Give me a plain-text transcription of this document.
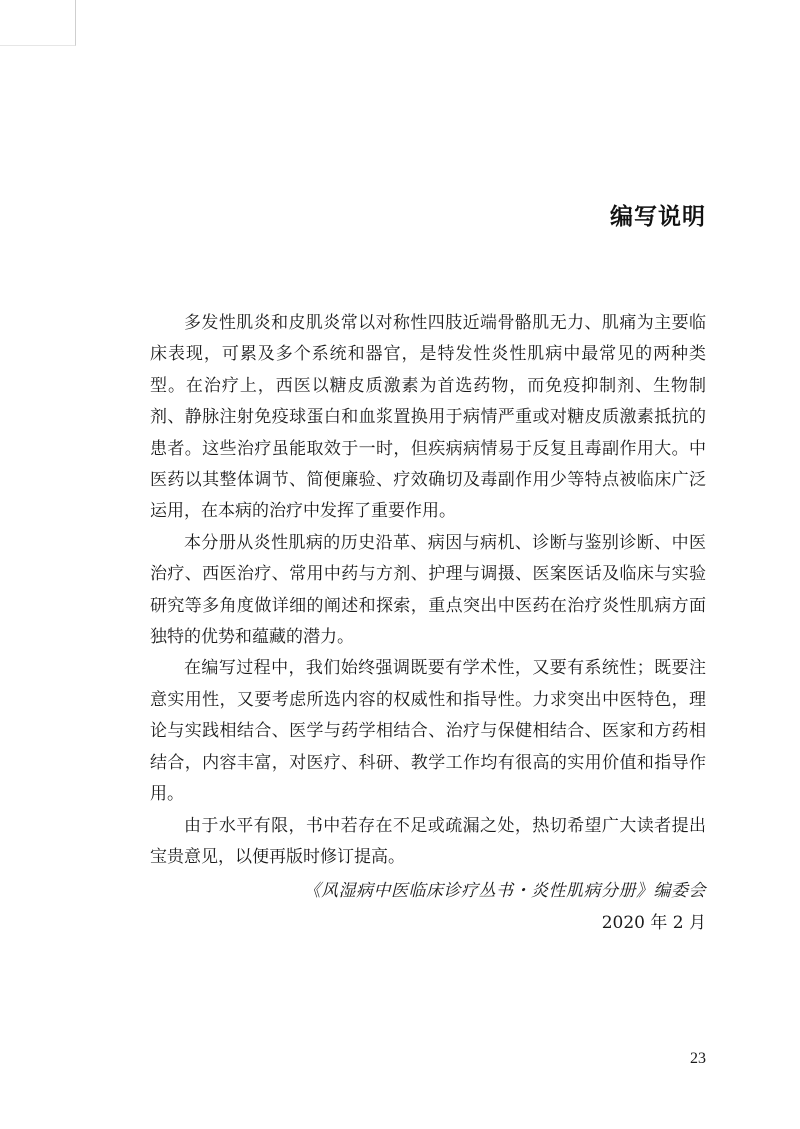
编写说明

多发性肌炎和皮肌炎常以对称性四肢近端骨骼肌无力、肌痛为主要临床表现，可累及多个系统和器官，是特发性炎性肌病中最常见的两种类型。在治疗上，西医以糖皮质激素为首选药物，而免疫抑制剂、生物制剂、静脉注射免疫球蛋白和血浆置换用于病情严重或对糖皮质激素抵抗的患者。这些治疗虽能取效于一时，但疾病病情易于反复且毒副作用大。中医药以其整体调节、简便廉验、疗效确切及毒副作用少等特点被临床广泛运用，在本病的治疗中发挥了重要作用。

本分册从炎性肌病的历史沿革、病因与病机、诊断与鉴别诊断、中医治疗、西医治疗、常用中药与方剂、护理与调摄、医案医话及临床与实验研究等多角度做详细的阐述和探索，重点突出中医药在治疗炎性肌病方面独特的优势和蕴藏的潜力。

在编写过程中，我们始终强调既要有学术性，又要有系统性；既要注意实用性，又要考虑所选内容的权威性和指导性。力求突出中医特色，理论与实践相结合、医学与药学相结合、治疗与保健相结合、医家和方药相结合，内容丰富，对医疗、科研、教学工作均有很高的实用价值和指导作用。

由于水平有限，书中若存在不足或疏漏之处，热切希望广大读者提出宝贵意见，以便再版时修订提高。

《风湿病中医临床诊疗丛书・炎性肌病分册》编委会
2020 年 2 月
23
